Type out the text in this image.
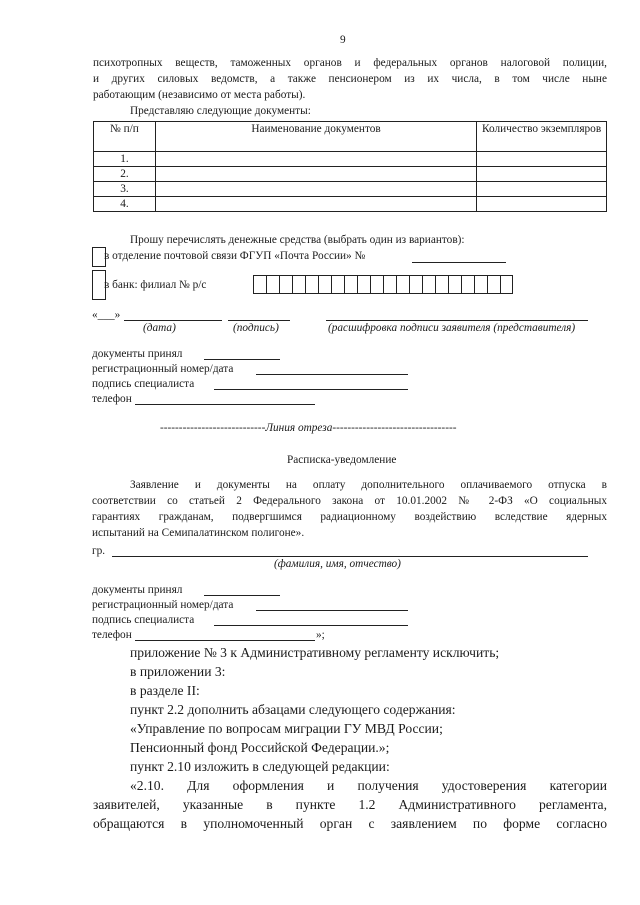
9
психотропных веществ, таможенных органов и федеральных органов налоговой полиции,
и других силовых ведомств, а также пенсионером из их числа, в том числе ныне
работающим (независимо от места работы).
Представляю следующие документы:
№ п/п	Наименование документов	Количество экземпляров
1.		
2.		
3.		
4.		
Прошу перечислять денежные средства (выбрать один из вариантов):
в отделение почтовой связи ФГУП «Почта России» №
в банк: филиал № р/с
«___»
(дата)	(подпись)	(расшифровка подписи заявителя (представителя)
документы принял
регистрационный номер/дата
подпись специалиста
телефон
----------------------------Линия отреза---------------------------------
Расписка-уведомление
Заявление и документы на оплату дополнительного оплачиваемого отпуска в
соответствии со статьей 2 Федерального закона от 10.01.2002 № 2-ФЗ «О социальных
гарантиях гражданам, подвергшимся радиационному воздействию вследствие ядерных
испытаний на Семипалатинском полигоне».
гр.
(фамилия, имя, отчество)
документы принял
регистрационный номер/дата
подпись специалиста
телефон	»;
приложение № 3 к Административному регламенту исключить;
в приложении 3:
в разделе II:
пункт 2.2 дополнить абзацами следующего содержания:
«Управление по вопросам миграции ГУ МВД России;
Пенсионный фонд Российской Федерации.»;
пункт 2.10 изложить в следующей редакции:
«2.10. Для оформления и получения удостоверения категории
заявителей, указанные в пункте 1.2 Административного регламента,
обращаются в уполномоченный орган с заявлением по форме согласно
